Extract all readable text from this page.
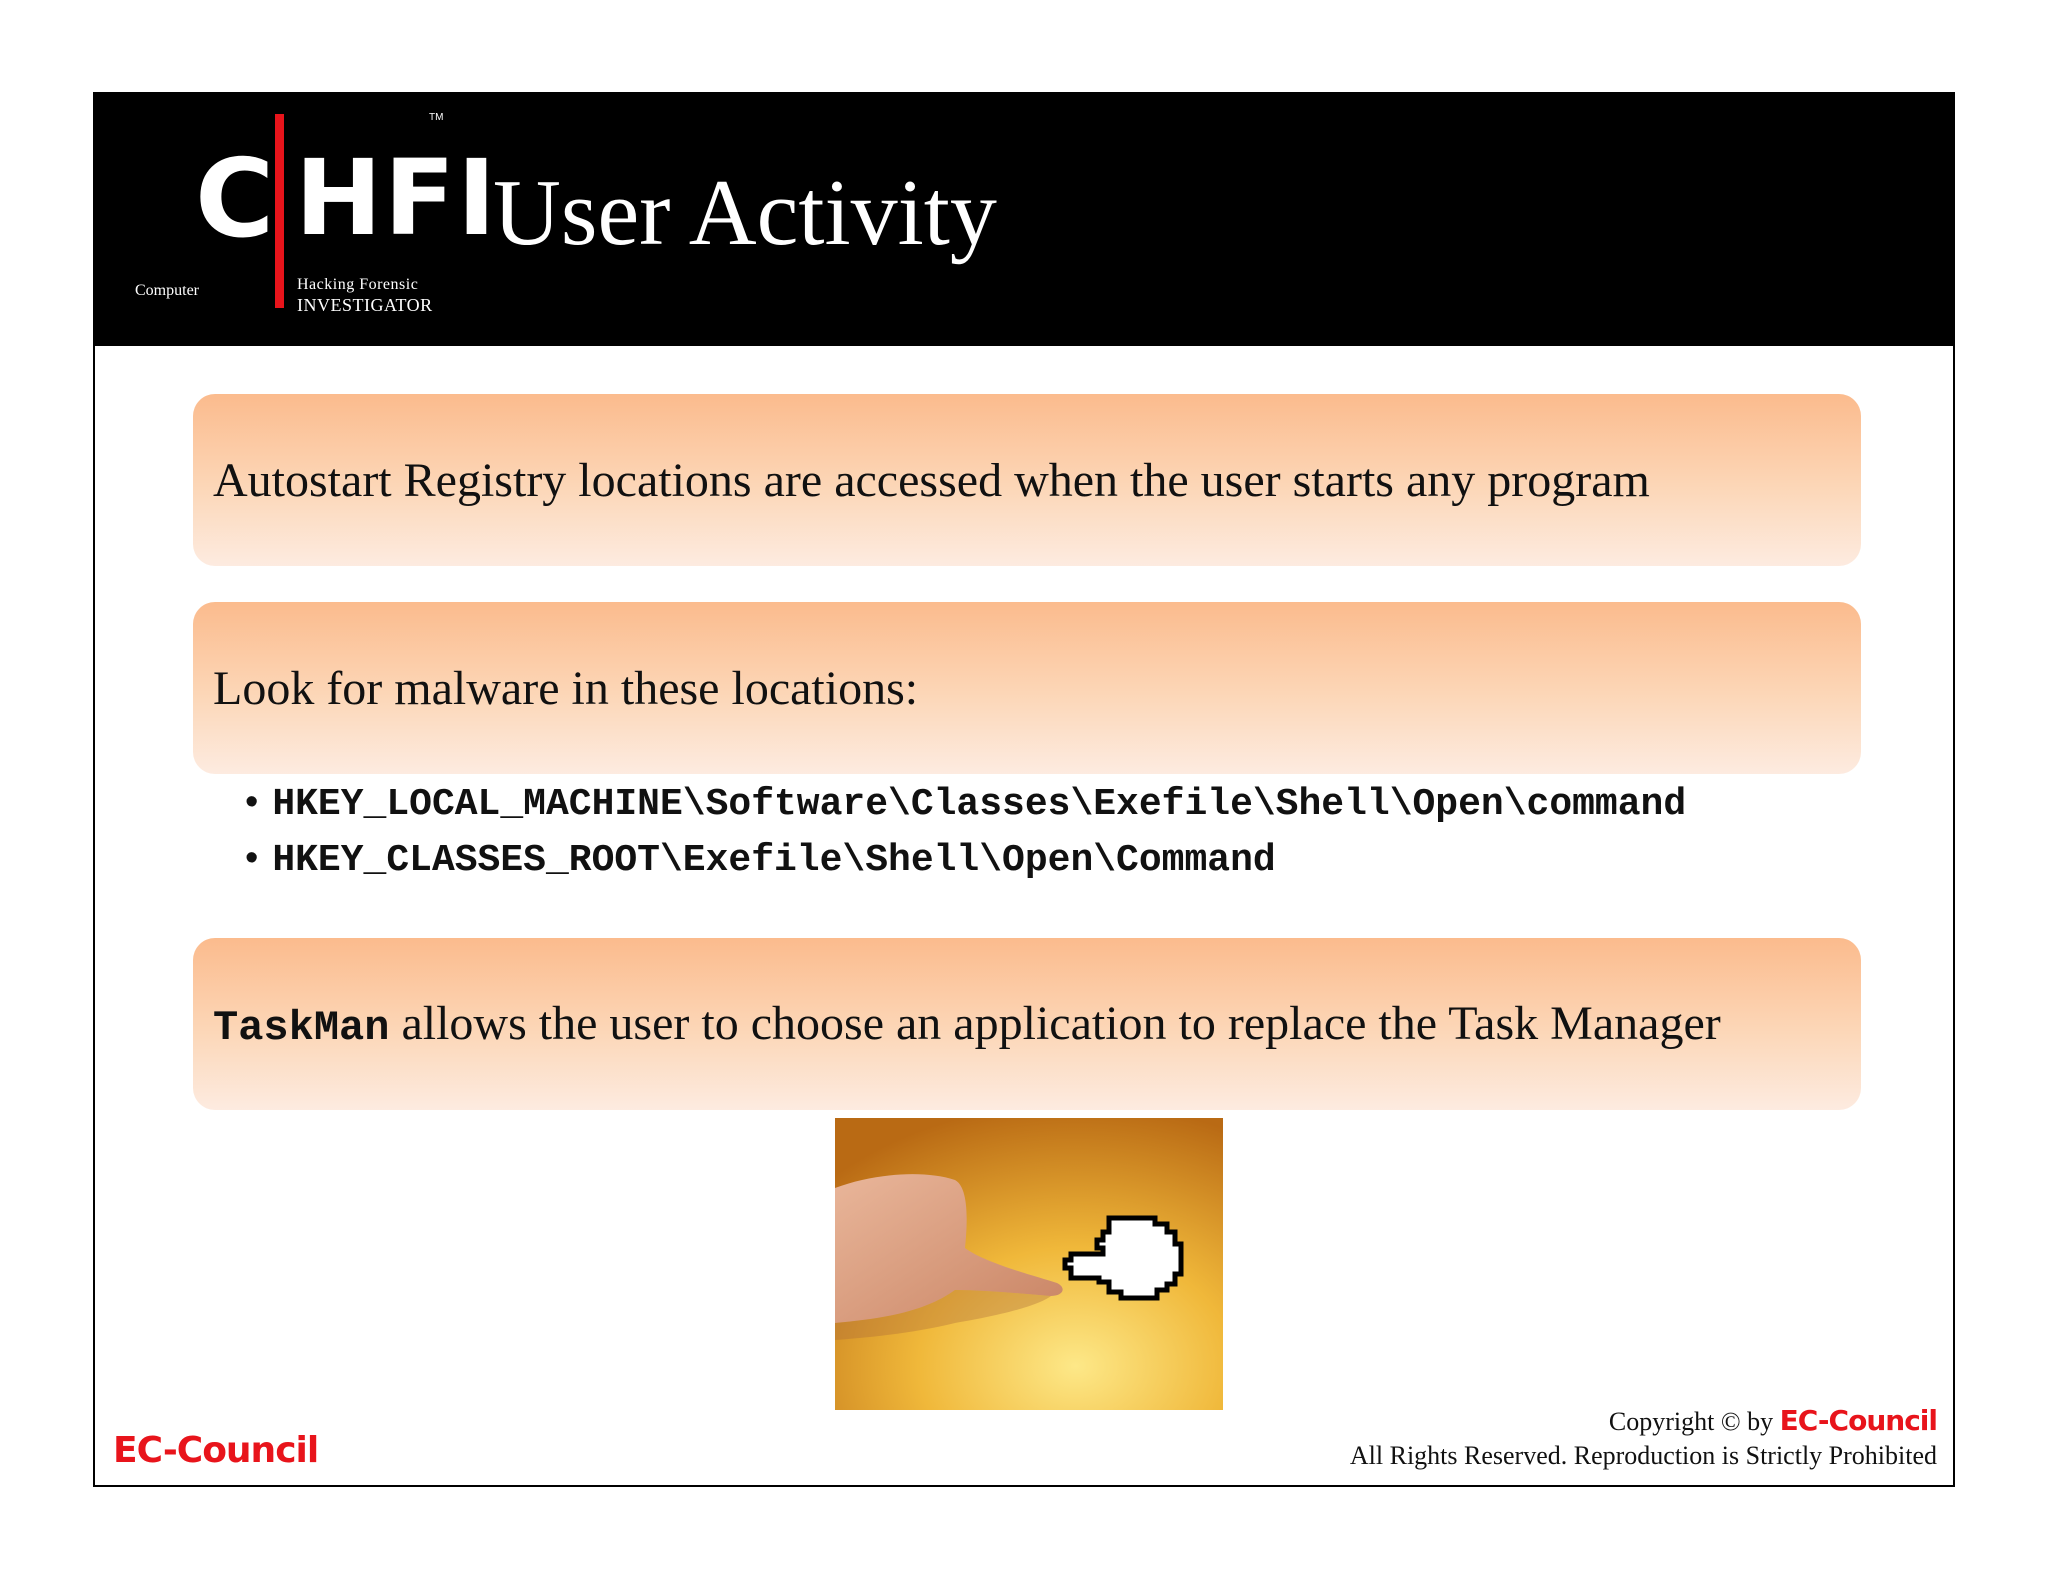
C HFI
TM
Computer	Hacking Forensic
INVESTIGATOR
User Activity
Autostart Registry locations are accessed when the user starts any program
Look for malware in these locations:
• HKEY_LOCAL_MACHINE\Software\Classes\Exefile\Shell\Open\command
• HKEY_CLASSES_ROOT\Exefile\Shell\Open\Command
TaskMan allows the user to choose an application to replace the Task Manager
EC-Council
Copyright © by EC-Council
All Rights Reserved. Reproduction is Strictly Prohibited
